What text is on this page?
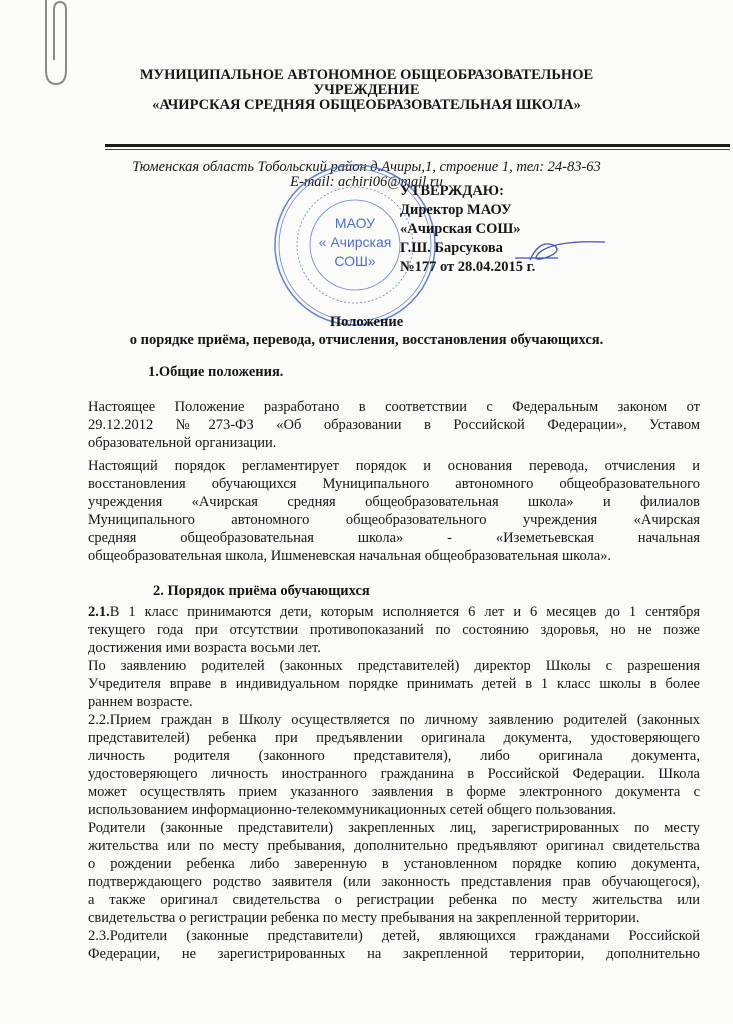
МУНИЦИПАЛЬНОЕ АВТОНОМНОЕ ОБЩЕОБРАЗОВАТЕЛЬНОЕ
УЧРЕЖДЕНИЕ
«АЧИРСКАЯ СРЕДНЯЯ ОБЩЕОБРАЗОВАТЕЛЬНАЯ ШКОЛА»
Тюменская область Тобольский район д.Ачиры,1, строение 1, тел: 24-83-63
E-mail: achiri06@mail.ru
МАОУ
« Ачирская
СОШ»
УТВЕРЖДАЮ:
Директор МАОУ
«Ачирская СОШ»
Г.Ш. Барсукова
№177 от 28.04.2015 г.
Положение
о порядке приёма, перевода, отчисления, восстановления обучающихся.
1.Общие положения.
Настоящее Положение разработано в соответствии с Федеральным законом от
29.12.2012 №273-ФЗ «Об образовании в Российской Федерации», Уставом
образовательной организации.
Настоящий порядок регламентирует порядок и основания перевода, отчисления и
восстановления обучающихся Муниципального автономного общеобразовательного
учреждения «Ачирская средняя общеобразовательная школа» и филиалов
Муниципального автономного общеобразовательного учреждения «Ачирская
средняя общеобразовательная школа» - «Иземетьевская начальная
общеобразовательная школа, Ишменевская начальная общеобразовательная школа».
2. Порядок приёма обучающихся
2.1.В 1 класс принимаются дети, которым исполняется 6 лет и 6 месяцев до 1 сентября
текущего года при отсутствии противопоказаний по состоянию здоровья, но не позже
достижения ими возраста восьми лет.
По заявлению родителей (законных представителей) директор Школы с разрешения
Учредителя вправе в индивидуальном порядке принимать детей в 1 класс школы в более
раннем возрасте.
2.2.Прием граждан в Школу осуществляется по личному заявлению родителей (законных
представителей) ребенка при предъявлении оригинала документа, удостоверяющего
личность родителя (законного представителя), либо оригинала документа,
удостоверяющего личность иностранного гражданина в Российской Федерации. Школа
может осуществлять прием указанного заявления в форме электронного документа с
использованием информационно-телекоммуникационных сетей общего пользования.
Родители (законные представители) закрепленных лиц, зарегистрированных по месту
жительства или по месту пребывания, дополнительно предъявляют оригинал свидетельства
о рождении ребенка либо заверенную в установленном порядке копию документа,
подтверждающего родство заявителя (или законность представления прав обучающегося),
а также оригинал свидетельства о регистрации ребенка по месту жительства или
свидетельства о регистрации ребенка по месту пребывания на закрепленной территории.
2.3.Родители (законные представители) детей, являющихся гражданами Российской
Федерации, не зарегистрированных на закрепленной территории, дополнительно
